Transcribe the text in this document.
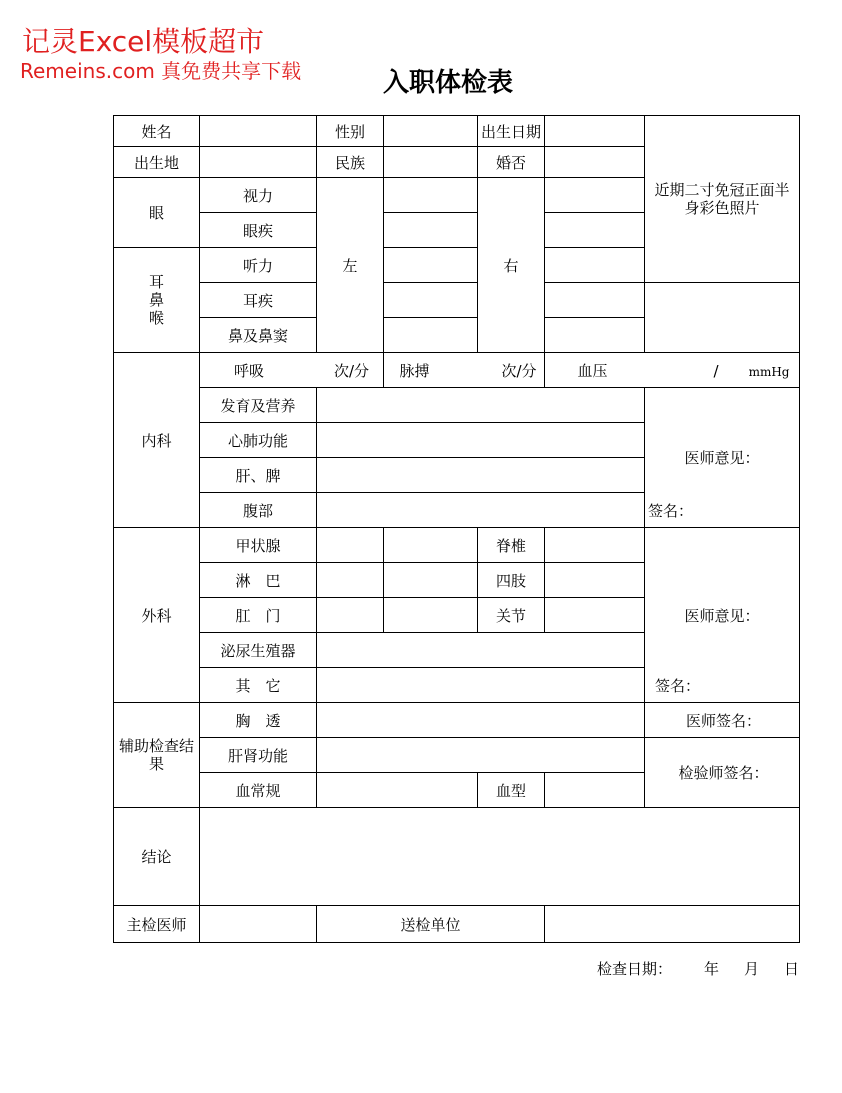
记灵Excel模板超市
Remeins.com 真免费共享下载	入职体检表
姓名		性别		出生日期		近期二寸免冠正面半身彩色照片

出生地		民族		婚否		
眼	视力	左		右		
	眼疾					
耳鼻喉	听力					
	耳疾					
	鼻及鼻窦					
内科	呼吸 次/分		脉搏 次/分		血压 / mmHg	
	发育及营养					医师意见：
签名：

	心肺功能					
	肝、脾					
	腹部					
外科	甲状腺			脊椎		医师意见：
签名：

	淋　巴			四肢		
	肛　门			关节		
	泌尿生殖器					
	其　它					

辅助检查结果	胸　透					医师签名：
	肝肾功能					检验师签名：
	血常规			血型		
结论						
主检医师		送检单位				
检查日期： 年 月 日
